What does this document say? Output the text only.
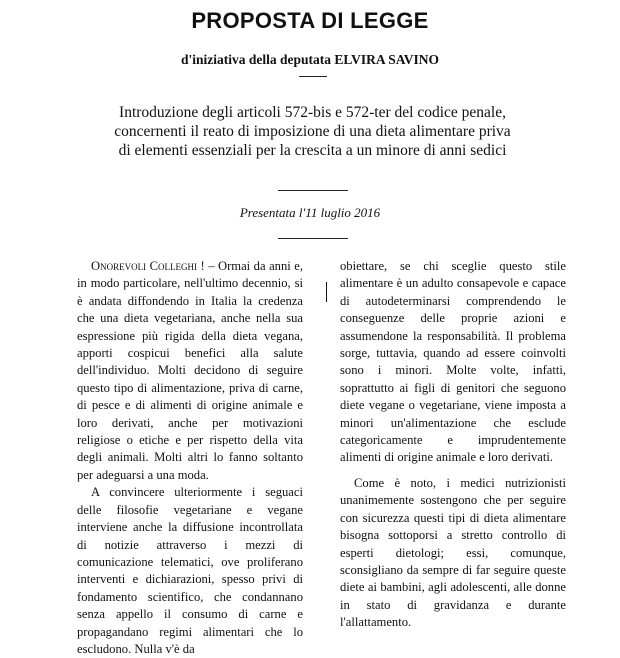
PROPOSTA DI LEGGE
d'iniziativa della deputata ELVIRA SAVINO

Introduzione degli articoli 572-bis e 572-ter del codice penale,

concernenti il reato di imposizione di una dieta alimentare priva

di elementi essenziali per la crescita a un minore di anni sedici

Presentata l'11 luglio 2016

Onorevoli Colleghi ! – Ormai da anni e, in modo particolare, nell'ultimo decennio, si è andata diffondendo in Italia la credenza che una dieta vegetariana, anche nella sua espressione più rigida della dieta vegana, apporti cospicui benefici alla salute dell'individuo. Molti decidono di seguire questo tipo di alimentazione, priva di carne, di pesce e di alimenti di origine animale e loro derivati, anche per motivazioni religiose o etiche e per rispetto della vita degli animali. Molti altri lo fanno soltanto per adeguarsi a una moda.

A convincere ulteriormente i seguaci delle filosofie vegetariane e vegane interviene anche la diffusione incontrollata di notizie attraverso i mezzi di comunicazione telematici, ove proliferano interventi e dichiarazioni, spesso privi di fondamento scientifico, che condannano senza appello il consumo di carne e propagandano regimi alimentari che lo escludono. Nulla v'è da

obiettare, se chi sceglie questo stile alimentare è un adulto consapevole e capace di autodeterminarsi comprendendo le conseguenze delle proprie azioni e assumendone la responsabilità. Il problema sorge, tuttavia, quando ad essere coinvolti sono i minori. Molte volte, infatti, soprattutto ai figli di genitori che seguono diete vegane o vegetariane, viene imposta a minori un'alimentazione che esclude categoricamente e imprudentemente alimenti di origine animale e loro derivati.

Come è noto, i medici nutrizionisti unanimemente sostengono che per seguire con sicurezza questi tipi di dieta alimentare bisogna sottoporsi a stretto controllo di esperti dietologi; essi, comunque, sconsigliano da sempre di far seguire queste diete ai bambini, agli adolescenti, alle donne in stato di gravidanza e durante l'allattamento.
